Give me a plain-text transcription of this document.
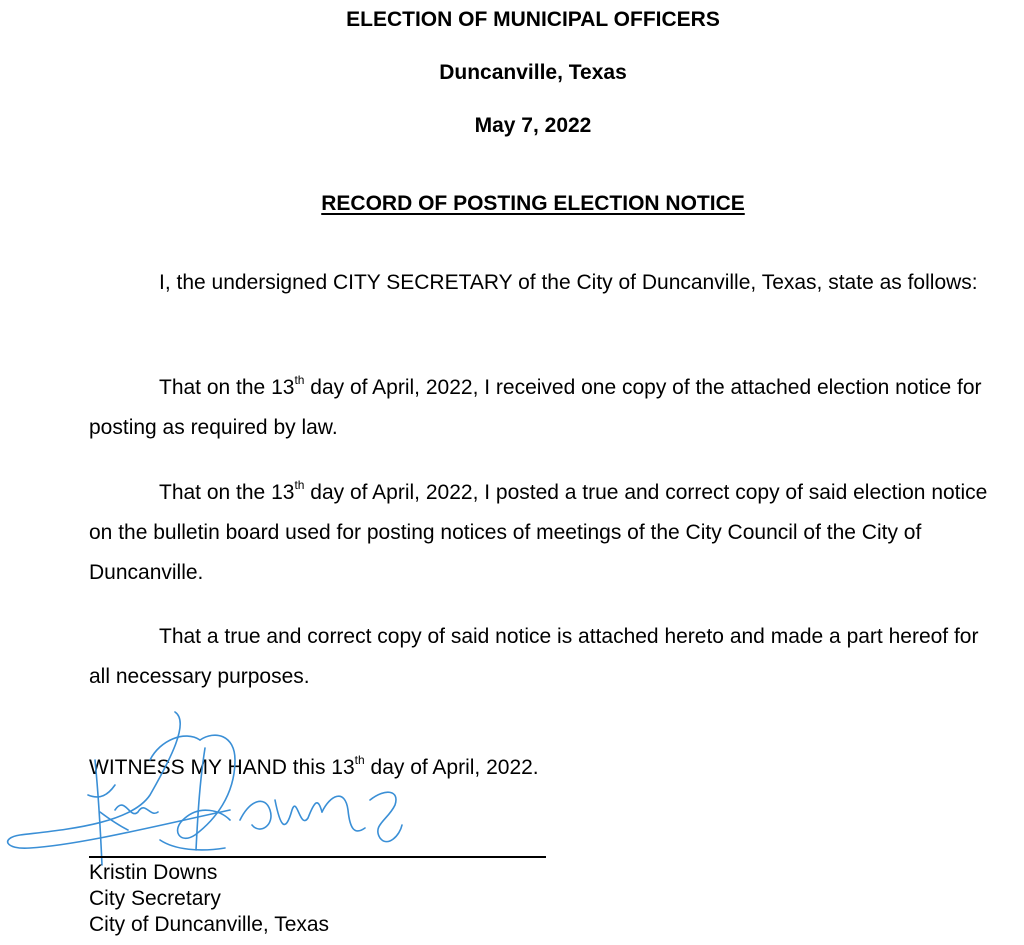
ELECTION OF MUNICIPAL OFFICERS
Duncanville, Texas
May 7, 2022
RECORD OF POSTING ELECTION NOTICE
I, the undersigned CITY SECRETARY of the City of Duncanville, Texas, state as follows:
That on the 13th day of April, 2022, I received one copy of the attached election notice for posting as required by law.
That on the 13th day of April, 2022, I posted a true and correct copy of said election notice on the bulletin board used for posting notices of meetings of the City Council of the City of Duncanville.
That a true and correct copy of said notice is attached hereto and made a part hereof for all necessary purposes.
WITNESS MY HAND this 13th day of April, 2022.
Kristin Downs
City Secretary
City of Duncanville, Texas
